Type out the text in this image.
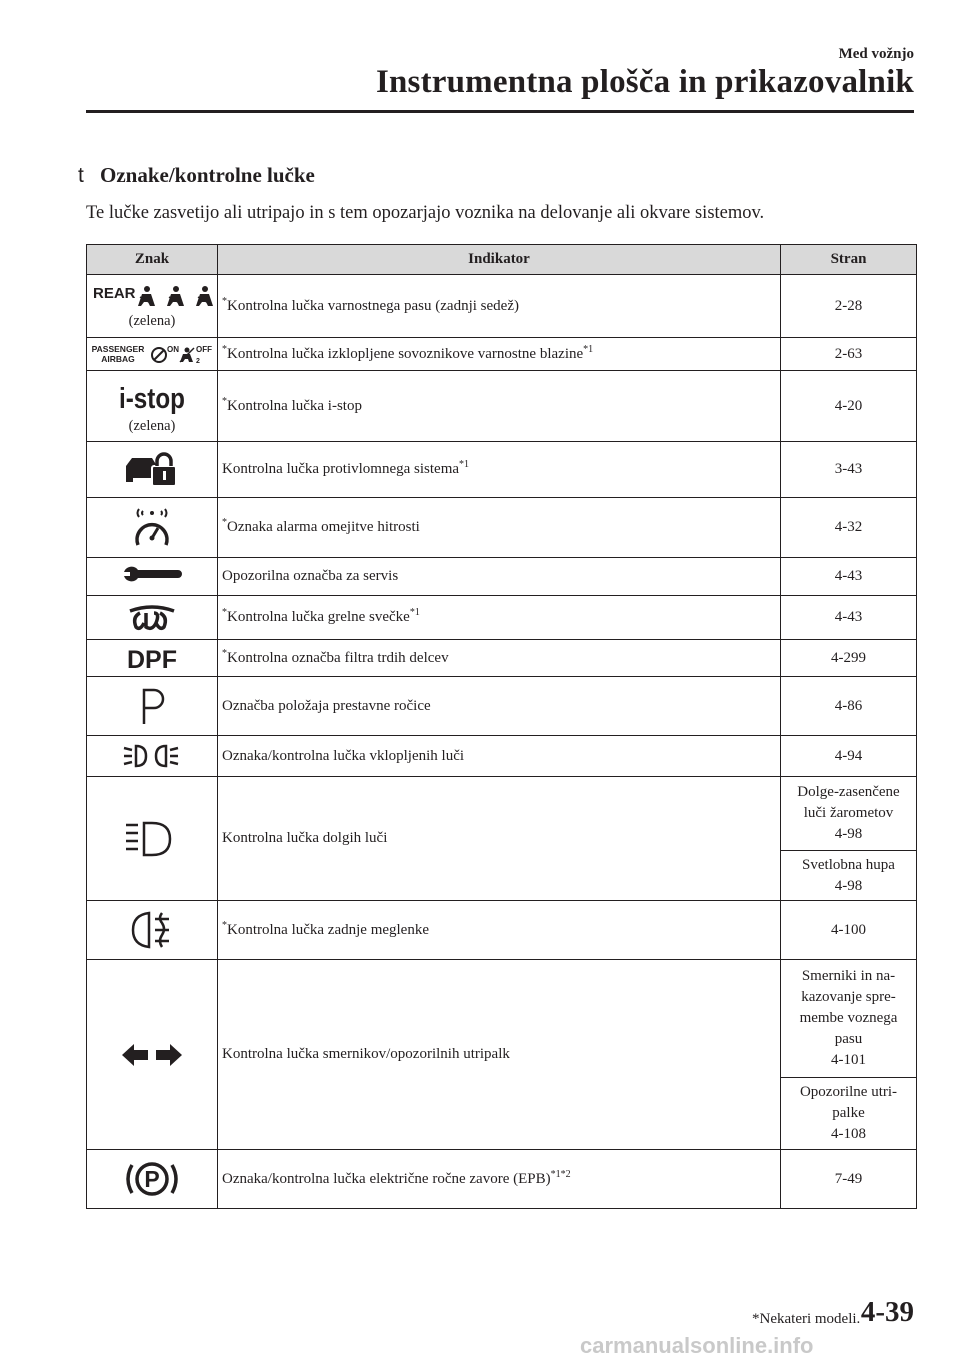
Med vožnjo
Instrumentna plošča in prikazovalnik
t Oznake/kontrolne lučke
Te lučke zasvetijo ali utripajo in s tem opozarjajo voznika na delovanje ali okvare sistemov.
Znak	Indikator	Stran

REAR
(zelena)	*Kontrolna lučka varnostnega pasu (zadnji sedež)	2-28

PASSENGER
AIRBAG
ON OFF
2	*Kontrolna lučka izklopljene sovoznikove varnostne blazine$^{*1}$	2-63

i-stop
(zelena)	*Kontrolna lučka i-stop	4-20

	Kontrolna lučka protivlomnega sistema$^{*1}$	3-43

	*Oznaka alarma omejitve hitrosti	4-32

	Opozorilna označba za servis	4-43

	*Kontrolna lučka grelne svečke$^{*1}$	4-43

DPF	*Kontrolna označba filtra trdih delcev	4-299

	Označba položaja prestavne ročice	4-86

	Oznaka/kontrolna lučka vklopljenih luči	4-94

	Kontrolna lučka dolgih luči	Dolge-zasenčene
luči žarometov
4-98

		Svetlobna hupa
4-98

	*Kontrolna lučka zadnje meglenke	4-100

	Kontrolna lučka smernikov/opozorilnih utripalk	Smerniki in na-
kazovanje spre-
membe voznega
pasu
4-101

		Opozorilne utri-
palke
4-108

P	Oznaka/kontrolna lučka električne ročne zavore (EPB)$^{*1*2}$	7-49
*Nekateri modeli. 4-39
carmanualsonline.info
